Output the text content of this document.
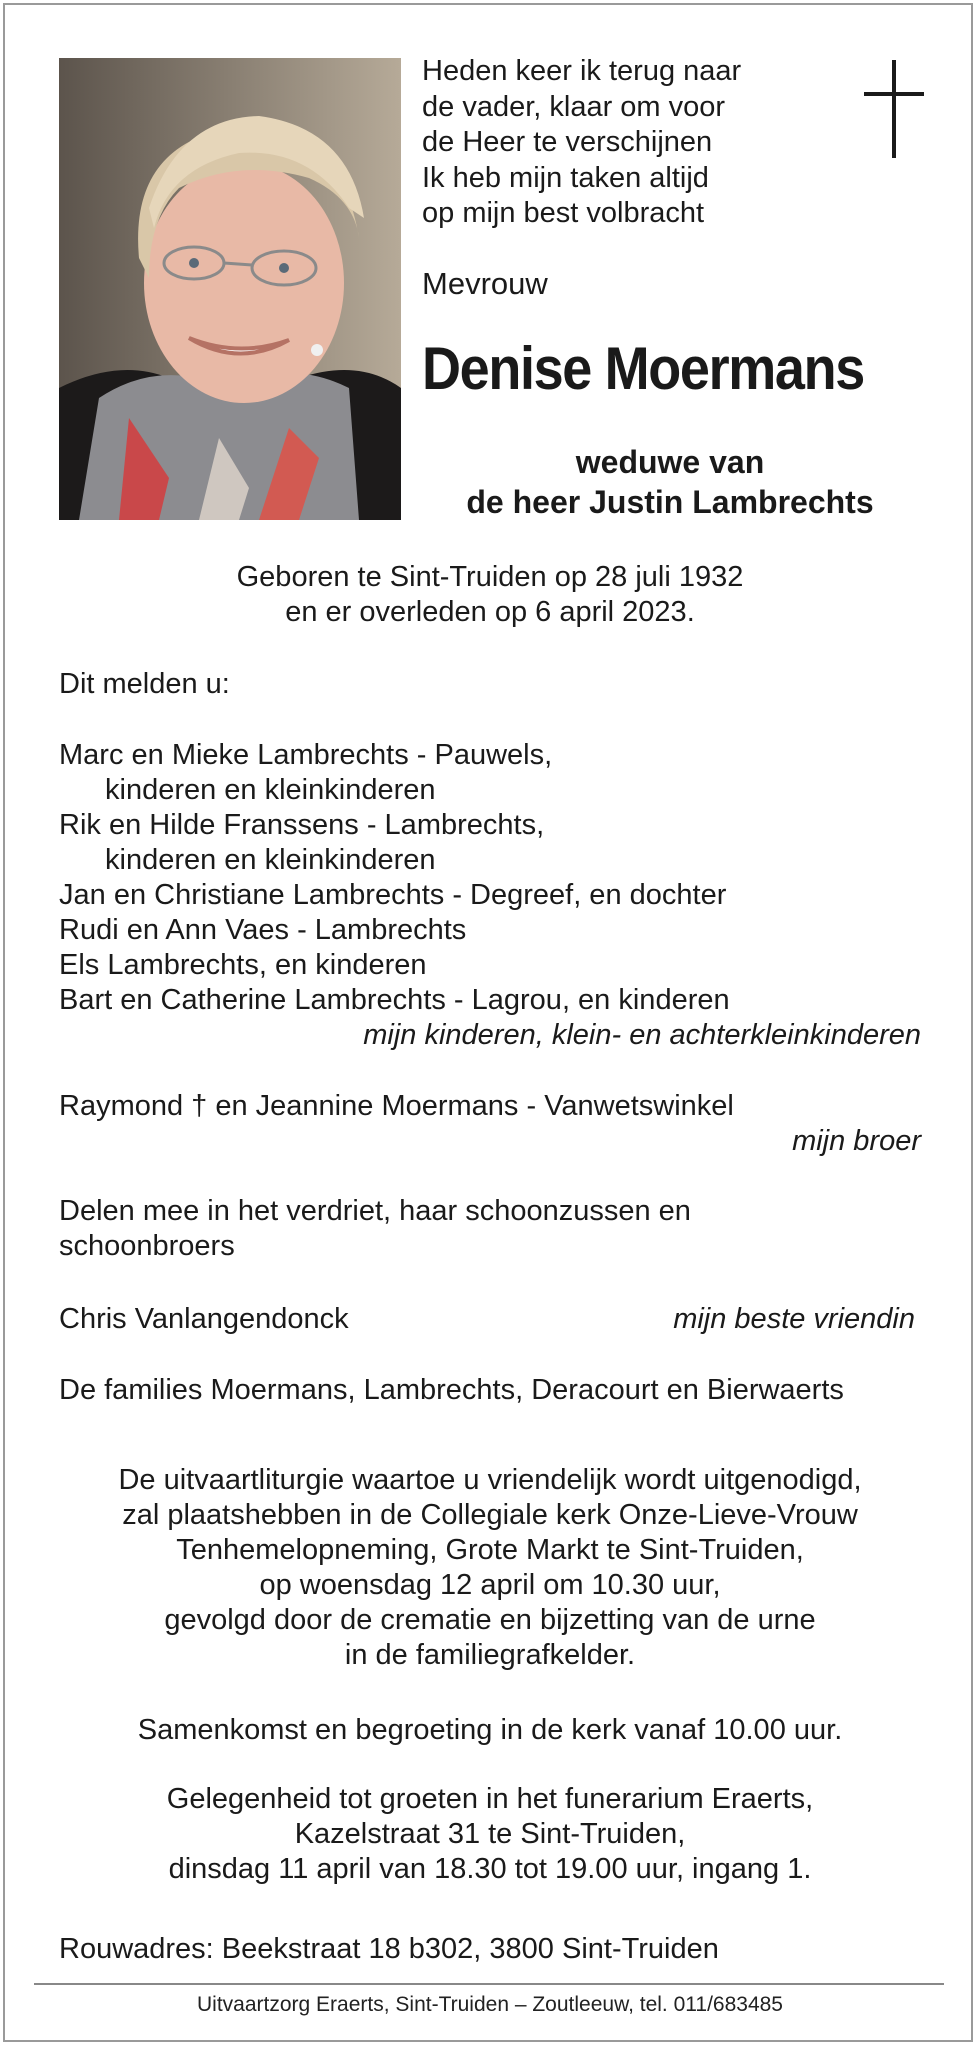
Heden keer ik terug naar
de vader, klaar om voor
de Heer te verschijnen
Ik heb mijn taken altijd
op mijn best volbracht
Mevrouw
Denise Moermans
weduwe van
de heer Justin Lambrechts
Geboren te Sint-Truiden op 28 juli 1932
en er overleden op 6 april 2023.
Dit melden u:
Marc en Mieke Lambrechts - Pauwels,
kinderen en kleinkinderen
Rik en Hilde Franssens - Lambrechts,
kinderen en kleinkinderen
Jan en Christiane Lambrechts - Degreef, en dochter
Rudi en Ann Vaes - Lambrechts
Els Lambrechts, en kinderen
Bart en Catherine Lambrechts - Lagrou, en kinderen
mijn kinderen, klein- en achterkleinkinderen
Raymond † en Jeannine Moermans - Vanwetswinkel
mijn broer
Delen mee in het verdriet, haar schoonzussen en
schoonbroers
Chris Vanlangendonck	mijn beste vriendin
De families Moermans, Lambrechts, Deracourt en Bierwaerts
De uitvaartliturgie waartoe u vriendelijk wordt uitgenodigd,
zal plaatshebben in de Collegiale kerk Onze-Lieve-Vrouw
Tenhemelopneming, Grote Markt te Sint-Truiden,
op woensdag 12 april om 10.30 uur,
gevolgd door de crematie en bijzetting van de urne
in de familiegrafkelder.
Samenkomst en begroeting in de kerk vanaf 10.00 uur.
Gelegenheid tot groeten in het funerarium Eraerts,
Kazelstraat 31 te Sint-Truiden,
dinsdag 11 april van 18.30 tot 19.00 uur, ingang 1.
Rouwadres: Beekstraat 18 b302, 3800 Sint-Truiden
Uitvaartzorg Eraerts, Sint-Truiden – Zoutleeuw, tel. 011/683485
